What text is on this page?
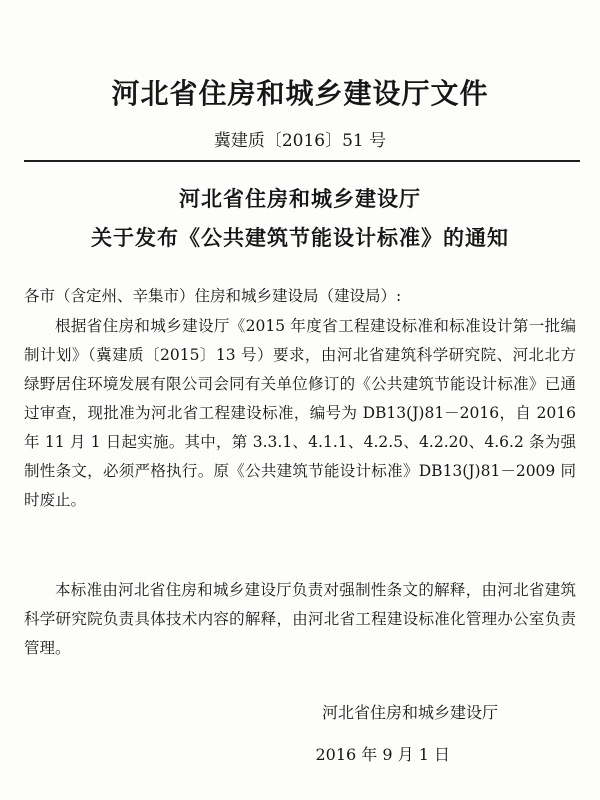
河北省住房和城乡建设厅文件
冀建质〔2016〕51 号
河北省住房和城乡建设厅
关于发布《公共建筑节能设计标准》的通知
各市（含定州、辛集市）住房和城乡建设局（建设局）:
根据省住房和城乡建设厅《2015 年度省工程建设标准和标准设计第一批编制计划》（冀建质〔2015〕13 号）要求，由河北省建筑科学研究院、河北北方绿野居住环境发展有限公司会同有关单位修订的《公共建筑节能设计标准》已通过审查，现批准为河北省工程建设标准，编号为 DB13(J)81－2016，自 2016 年 11 月 1 日起实施。其中，第 3.3.1、4.1.1、4.2.5、4.2.20、4.6.2 条为强制性条文，必须严格执行。原《公共建筑节能设计标准》DB13(J)81－2009 同时废止。
本标准由河北省住房和城乡建设厅负责对强制性条文的解释，由河北省建筑科学研究院负责具体技术内容的解释，由河北省工程建设标准化管理办公室负责管理。
河北省住房和城乡建设厅
2016 年 9 月 1 日
